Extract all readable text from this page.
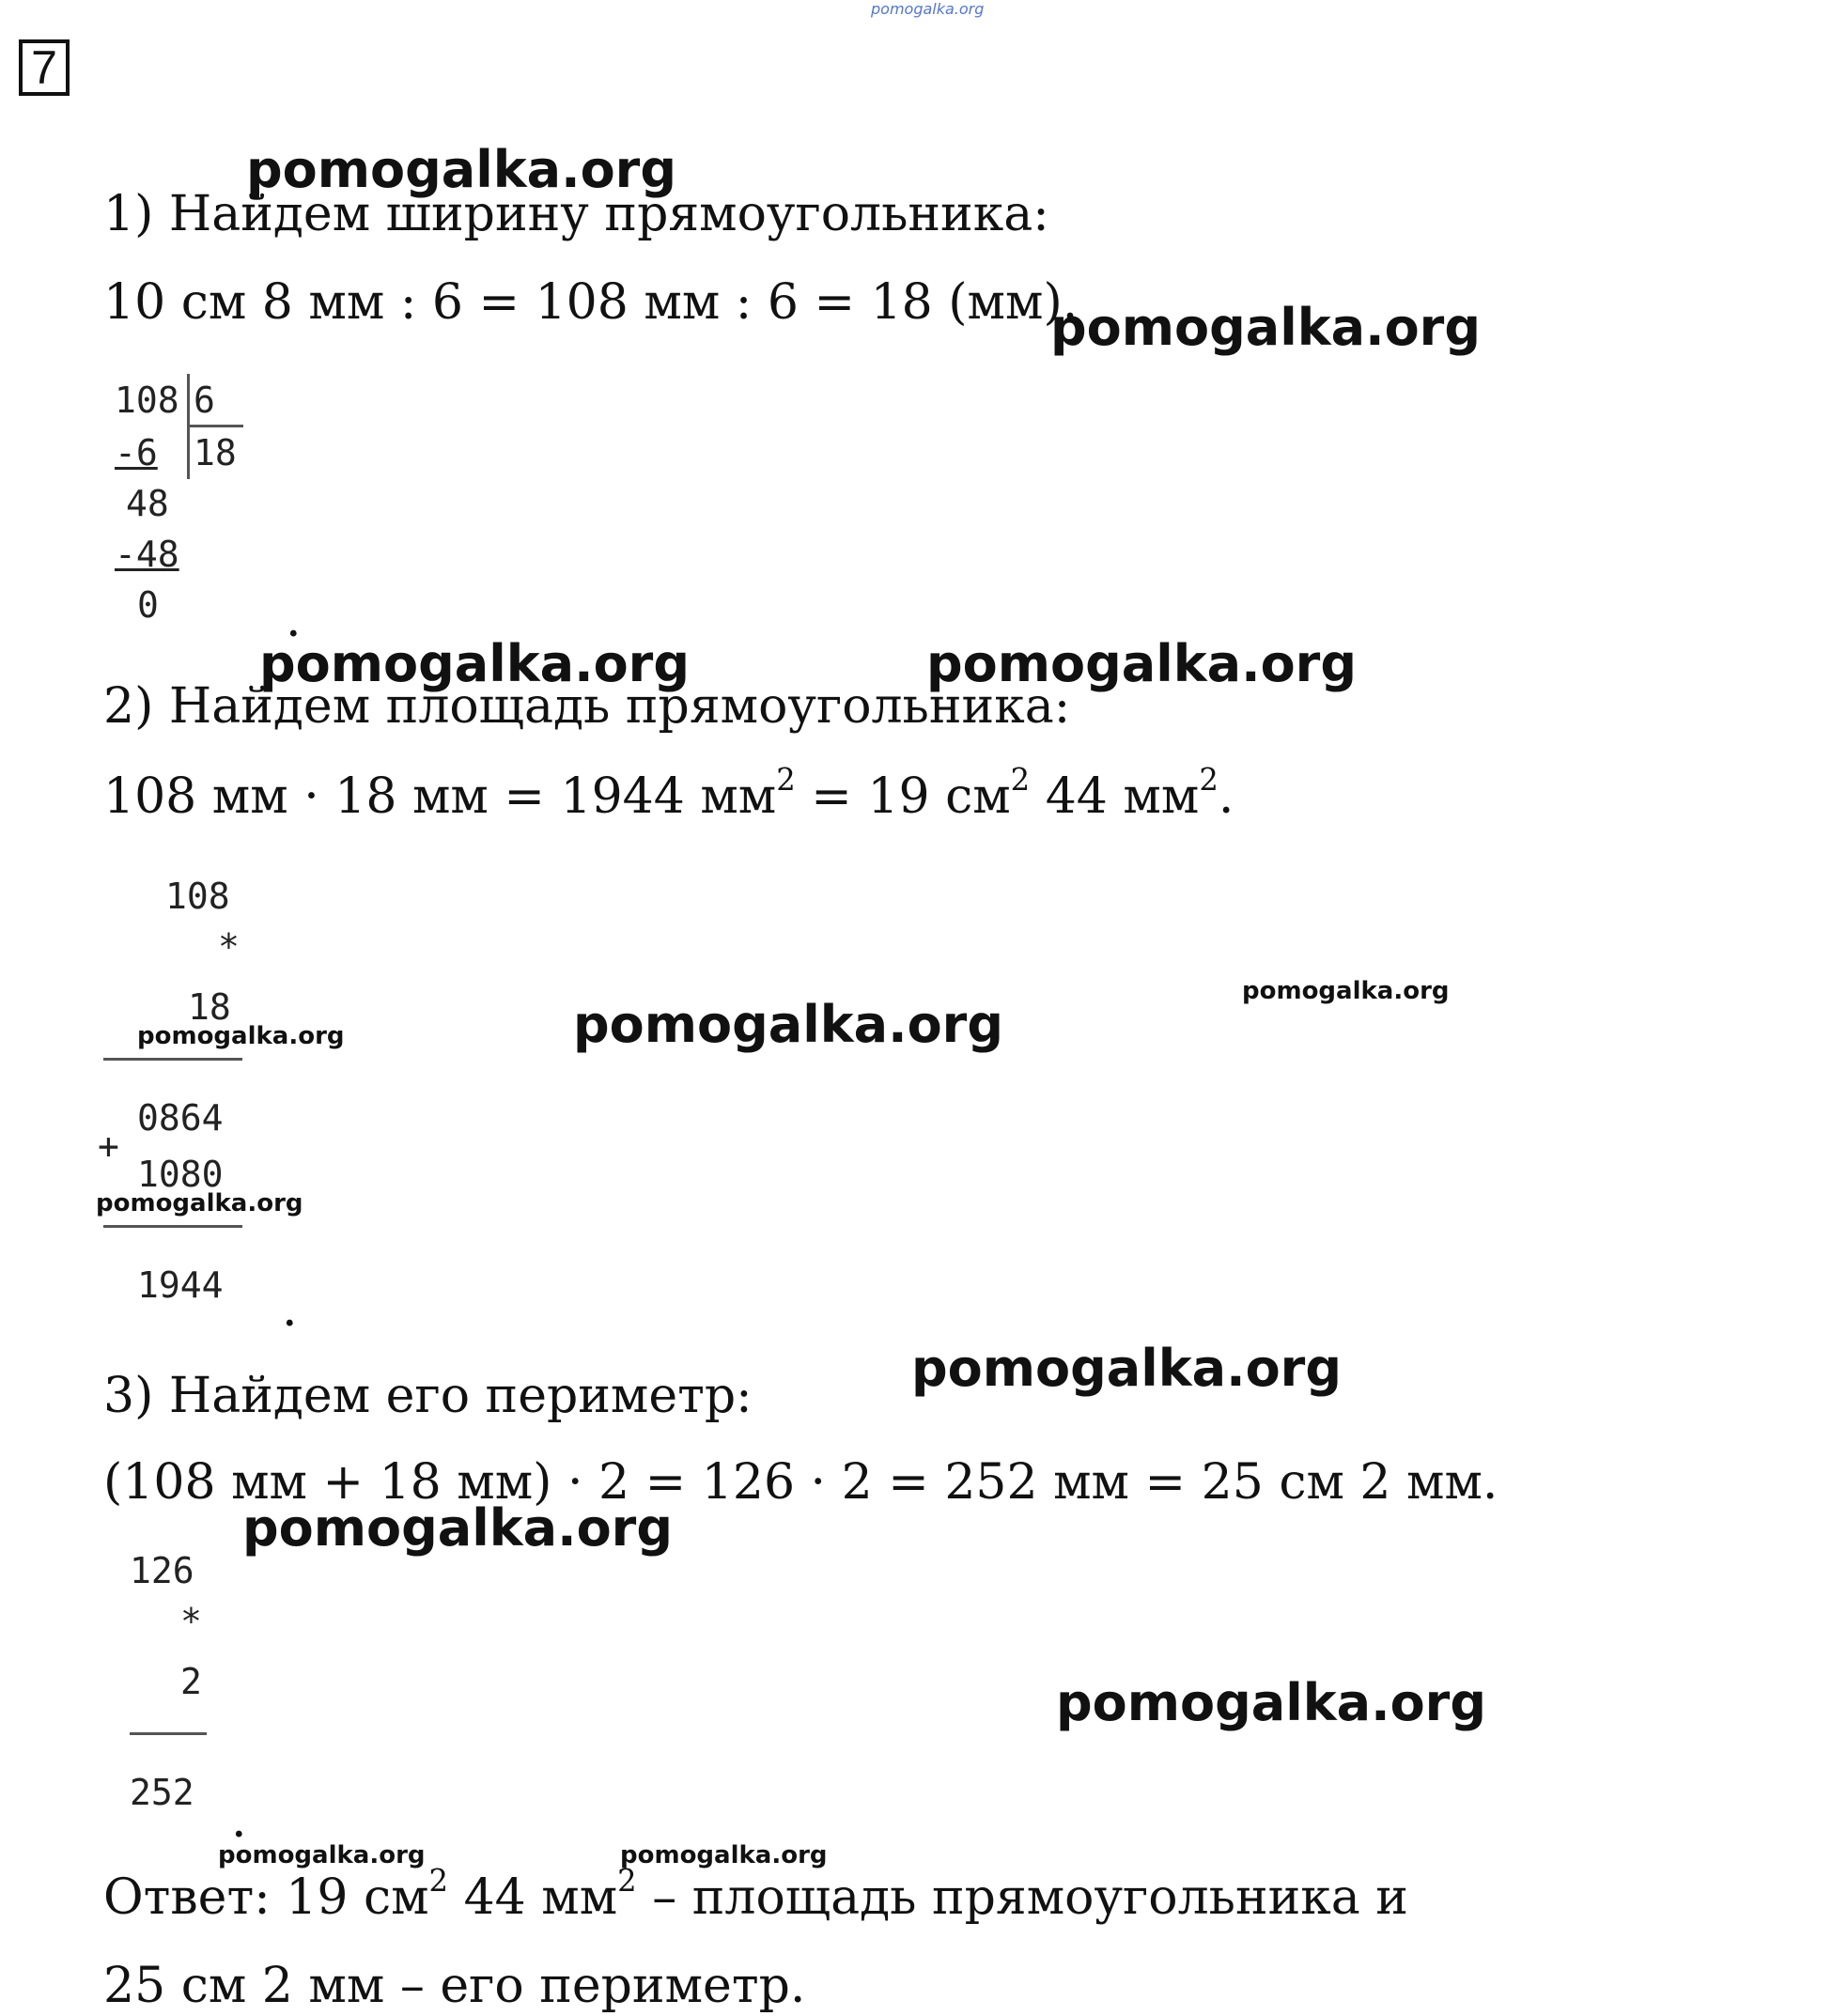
pomogalka.org
7
1) Найдем ширину прямоугольника:
10 см 8 мм : 6 = 108 мм : 6 = 18 (мм).
108 6
-6 18
48
-48
0	.
2) Найдем площадь прямоугольника:
108 мм · 18 мм = 1944 $мм^2 = 19$ $см^2$ 44 $мм^2$.
108
*
18
0864
+
1080
1944 .
3) Найдем его периметр:
(108 мм + 18 мм) · 2 = 126 · 2 = 252 мм = 25 см 2 мм.
126
*
2
252 .
Ответ: 19 $см^2$ 44 $мм^2$ – площадь прямоугольника и
25 см 2 мм – его периметр.
pomogalka.org
pomogalka.org
pomogalka.org	pomogalka.org
pomogalka.org
pomogalka.org
pomogalka.org
pomogalka.org
pomogalka.org
pomogalka.org
pomogalka.org
pomogalka.org	pomogalka.org
